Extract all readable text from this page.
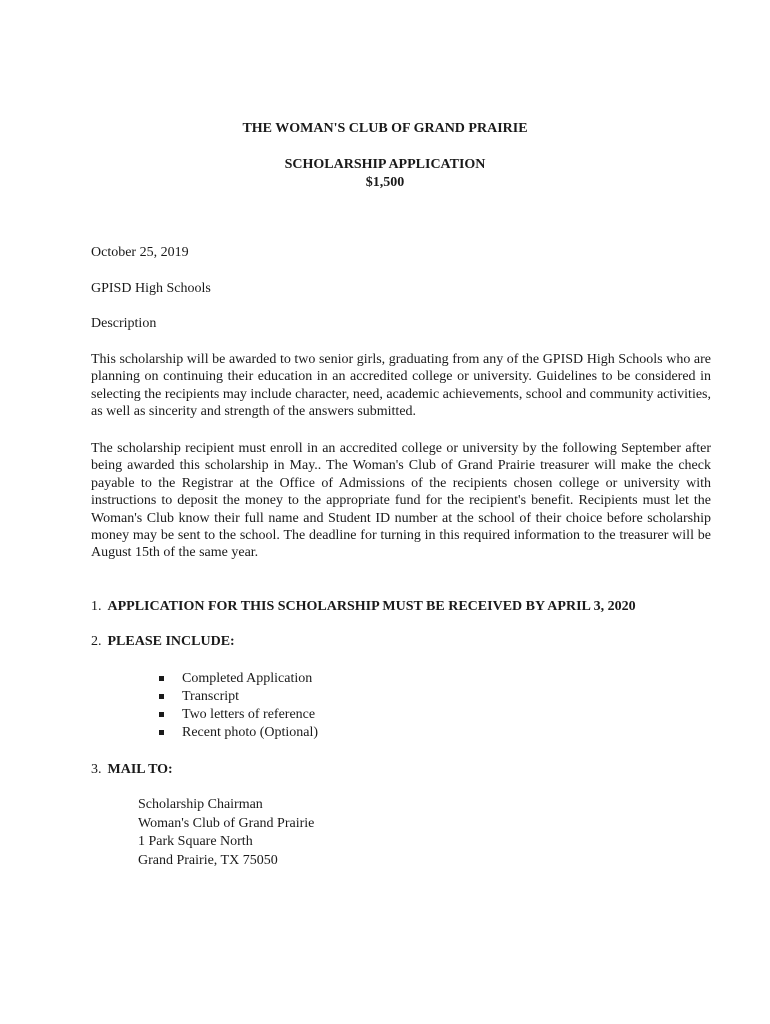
THE WOMAN'S CLUB OF GRAND PRAIRIE
SCHOLARSHIP APPLICATION
$1,500
October 25, 2019
GPISD High Schools
Description

This scholarship will be awarded to two senior girls, graduating from any of the GPISD High Schools who are planning on continuing their education in an accredited college or university. Guidelines to be considered in selecting the recipients may include character, need, academic achievements, school and community activities, as well as sincerity and strength of the answers submitted.

The scholarship recipient must enroll in an accredited college or university by the following September after being awarded this scholarship in May.. The Woman's Club of Grand Prairie treasurer will make the check payable to the Registrar at the Office of Admissions of the recipients chosen college or university with instructions to deposit the money to the appropriate fund for the recipient's benefit. Recipients must let the Woman's Club know their full name and Student ID number at the school of their choice before scholarship money may be sent to the school. The deadline for turning in this required information to the treasurer will be August 15th of the same year.

1. APPLICATION FOR THIS SCHOLARSHIP MUST BE RECEIVED BY APRIL 3, 2020
2. PLEASE INCLUDE:
Completed Application
Transcript
Two letters of reference
Recent photo (Optional)
3. MAIL TO:
Scholarship Chairman
Woman's Club of Grand Prairie
1 Park Square North
Grand Prairie, TX 75050
